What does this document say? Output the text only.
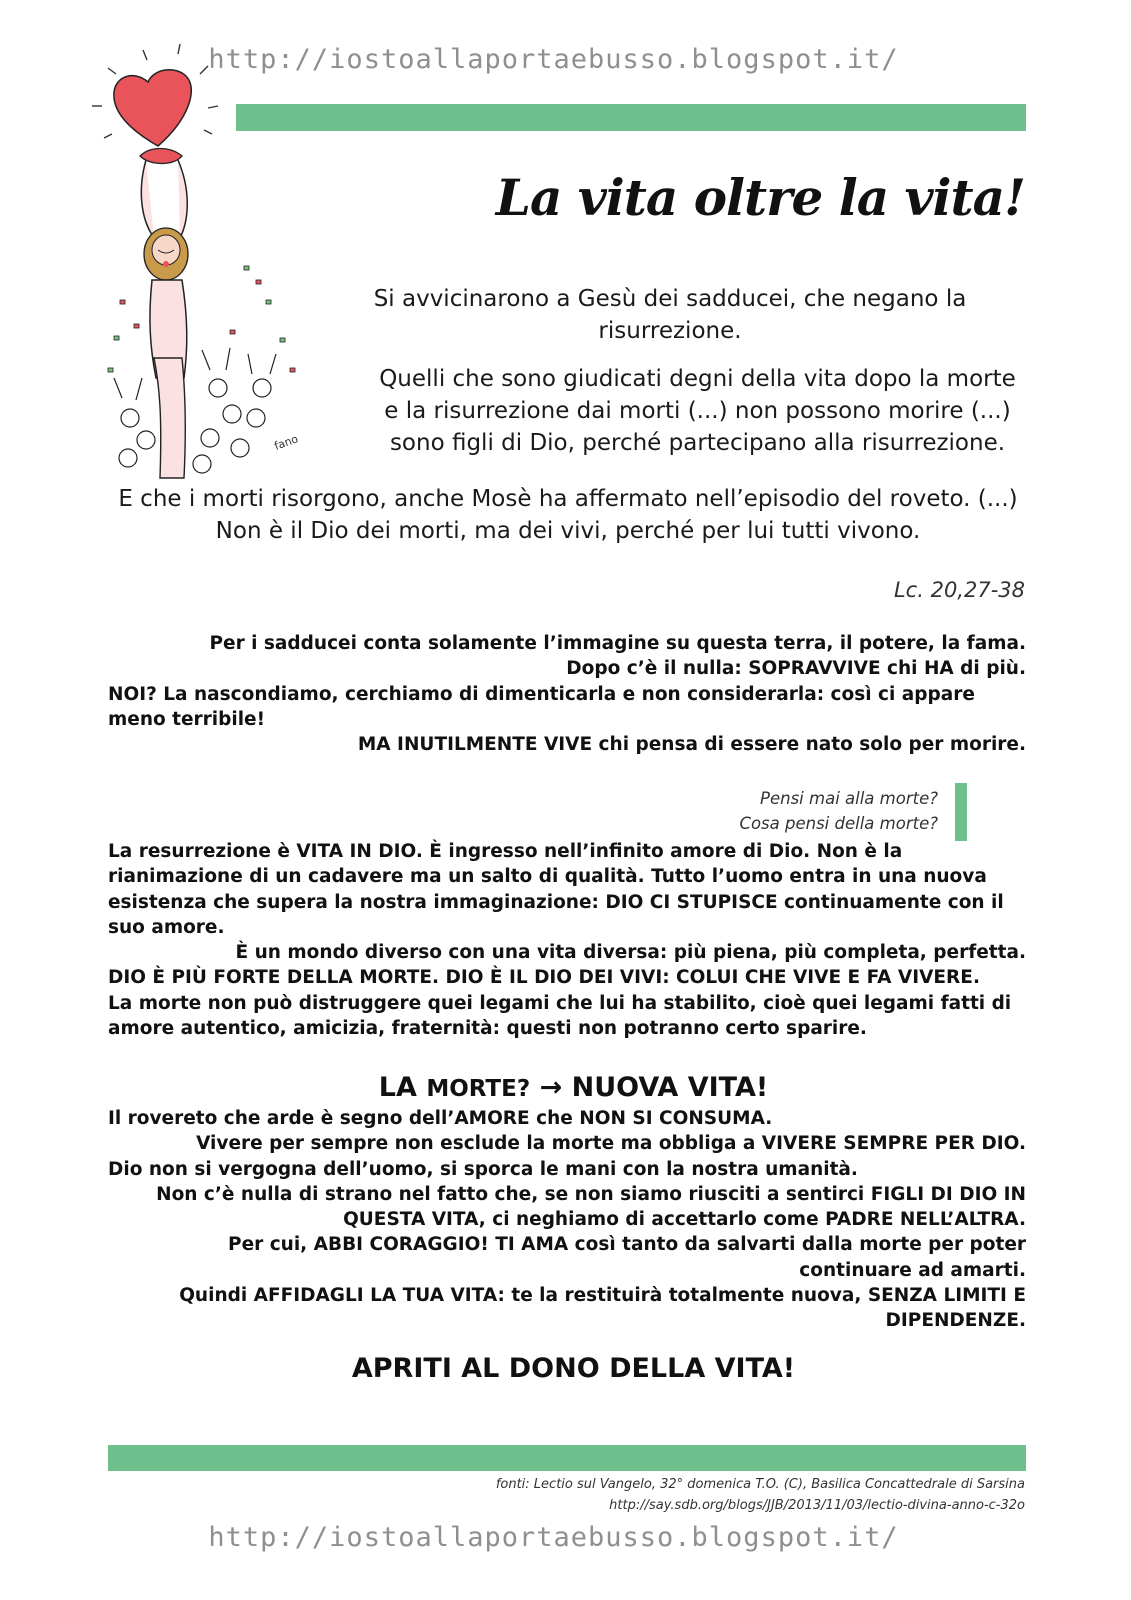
http://iostoallaportaebusso.blogspot.it/
fano
La vita oltre la vita!

Si avvicinarono a Gesù dei sadducei, che negano la risurrezione.

Quelli che sono giudicati degni della vita dopo la morte e la risurrezione dai morti (...) non possono morire (...) sono figli di Dio, perché partecipano alla risurrezione.

E che i morti risorgono, anche Mosè ha affermato nell’episodio del roveto. (...) Non è il Dio dei morti, ma dei vivi, perché per lui tutti vivono.

Lc. 20,27-38

Per i sadducei conta solamente l’immagine su questa terra, il potere, la fama.

Dopo c’è il nulla: SOPRAVVIVE chi HA di più.

NOI? La nascondiamo, cerchiamo di dimenticarla e non considerarla: così ci appare meno terribile!

MA INUTILMENTE VIVE chi pensa di essere nato solo per morire.

Pensi mai alla morte?
Cosa pensi della morte?

La resurrezione è VITA IN DIO. È ingresso nell’infinito amore di Dio. Non è la rianimazione di un cadavere ma un salto di qualità. Tutto l’uomo entra in una nuova esistenza che supera la nostra immaginazione: DIO CI STUPISCE continuamente con il suo amore.

È un mondo diverso con una vita diversa: più piena, più completa, perfetta.

DIO È PIÙ FORTE DELLA MORTE. DIO È IL DIO DEI VIVI: COLUI CHE VIVE E FA VIVERE.

La morte non può distruggere quei legami che lui ha stabilito, cioè quei legami fatti di amore autentico, amicizia, fraternità: questi non potranno certo sparire.

LA MORTE? → NUOVA VITA!

Il rovereto che arde è segno dell’AMORE che NON SI CONSUMA.

Vivere per sempre non esclude la morte ma obbliga a VIVERE SEMPRE PER DIO.

Dio non si vergogna dell’uomo, si sporca le mani con la nostra umanità.

Non c’è nulla di strano nel fatto che, se non siamo riusciti a sentirci FIGLI DI DIO IN QUESTA VITA, ci neghiamo di accettarlo come PADRE NELL’ALTRA.

Per cui, ABBI CORAGGIO! TI AMA così tanto da salvarti dalla morte per poter continuare ad amarti.

Quindi AFFIDAGLI LA TUA VITA: te la restituirà totalmente nuova, SENZA LIMITI E DIPENDENZE.

APRITI AL DONO DELLA VITA!
fonti: Lectio sul Vangelo, 32° domenica T.O. (C), Basilica Concattedrale di Sarsina
http://say.sdb.org/blogs/JJB/2013/11/03/lectio-divina-anno-c-32o
http://iostoallaportaebusso.blogspot.it/
